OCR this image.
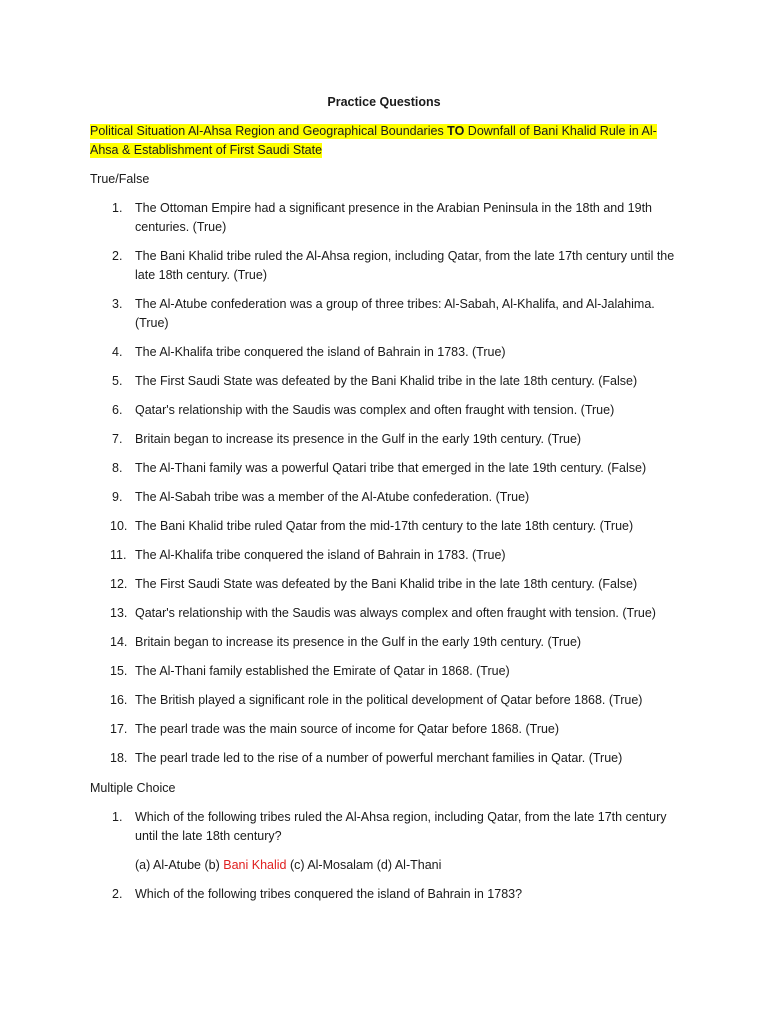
Practice Questions
Political Situation Al-Ahsa Region and Geographical Boundaries TO Downfall of Bani Khalid Rule in Al-Ahsa & Establishment of First Saudi State
True/False
1. The Ottoman Empire had a significant presence in the Arabian Peninsula in the 18th and 19th centuries. (True)
2. The Bani Khalid tribe ruled the Al-Ahsa region, including Qatar, from the late 17th century until the late 18th century. (True)
3. The Al-Atube confederation was a group of three tribes: Al-Sabah, Al-Khalifa, and Al-Jalahima. (True)
4. The Al-Khalifa tribe conquered the island of Bahrain in 1783. (True)
5. The First Saudi State was defeated by the Bani Khalid tribe in the late 18th century. (False)
6. Qatar's relationship with the Saudis was complex and often fraught with tension. (True)
7. Britain began to increase its presence in the Gulf in the early 19th century. (True)
8. The Al-Thani family was a powerful Qatari tribe that emerged in the late 19th century. (False)
9. The Al-Sabah tribe was a member of the Al-Atube confederation. (True)
10. The Bani Khalid tribe ruled Qatar from the mid-17th century to the late 18th century. (True)
11. The Al-Khalifa tribe conquered the island of Bahrain in 1783. (True)
12. The First Saudi State was defeated by the Bani Khalid tribe in the late 18th century. (False)
13. Qatar's relationship with the Saudis was always complex and often fraught with tension. (True)
14. Britain began to increase its presence in the Gulf in the early 19th century. (True)
15. The Al-Thani family established the Emirate of Qatar in 1868. (True)
16. The British played a significant role in the political development of Qatar before 1868. (True)
17. The pearl trade was the main source of income for Qatar before 1868. (True)
18. The pearl trade led to the rise of a number of powerful merchant families in Qatar. (True)
Multiple Choice
1. Which of the following tribes ruled the Al-Ahsa region, including Qatar, from the late 17th century until the late 18th century?
(a) Al-Atube (b) Bani Khalid (c) Al-Mosalam (d) Al-Thani
2. Which of the following tribes conquered the island of Bahrain in 1783?
